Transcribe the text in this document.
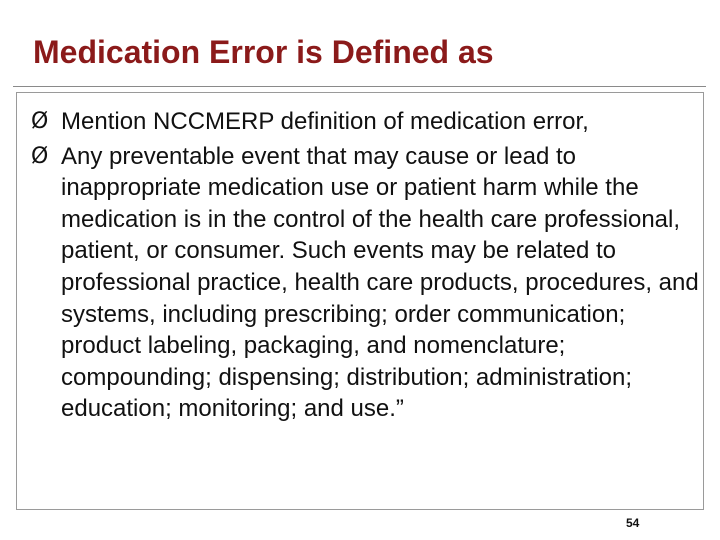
Medication Error is Defined as
Ø Mention NCCMERP definition of medication error,
Ø Any preventable event that may cause or lead to inappropriate medication use or patient harm while the medication is in the control of the health care professional, patient, or consumer. Such events may be related to professional practice, health care products, procedures, and systems, including prescribing; order communication; product labeling, packaging, and nomenclature; compounding; dispensing; distribution; administration; education; monitoring; and use.”
54
